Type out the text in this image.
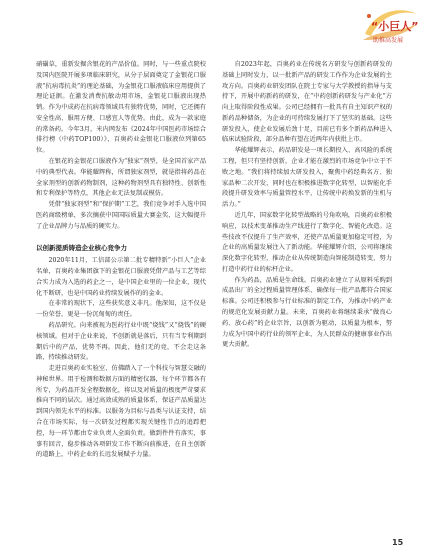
“小巨人”
助推高发展

硝磺草，重新发掘含银花的产品价值。同时，与一些重点院校及国内医院开展多项临床研究，从分子层面奠定了金银花口服液“抗病毒抗炎”的理论基础，为金银花口服液临床应用提供了理论证据。在激发消费抗敏动用市场，金银花口服液出现热销。作为中成药在抗病毒领域具有独特优势，同时，它还拥有安全性高、服用方便、口感宜人等优势。由此，成为一款家庭的常备药。今年3月，米内网发布《2024年中国医药市场综合排行榜（中药TOP100）》，百奥药业金银花口服液位列第65位。

在银花的金银花口服液作为“独家”剂型，是全国首家产品中的典型代表。华能耀辉称，所谓独家剂型，就是指将药品在全家剂型的创新药物制剂，这种药物剂型具有独特性、创新性和专利保护等特点，其他企业无法复制或模仿。

凭借“独家剂型”和“保护期”工艺，我们竞争对手入选中国医药商级榜单，多次摘获中国国际质量大赛金奖，这大幅提升了企业品牌力与品质的硬实力。

以创新提质铸造企业核心竞争力

2020年11月，工信部公示第二批专精特新“小巨人”企业名单，百奥药业集团旗下的金银花口服液凭借产品与工艺等综合实力成为入选的药企之一，是中国企业里的一位企业，现代化不断研，也是中国药业持续发展作的的金业。

在非常的现状下，这些获奖意义非凡。他深知，这不仅是一份荣誉，更是一份沉甸甸的责任。

药品研究。向来被视为医药行业中既“烧钱”又“烧钱”的硬核领域。但对于企业来说，不创新就是落后，只有当专利期到期后中的产品，优势不再。因此，他们无的竞，不会走这条路，持续推动研发。

走进百奥药业实验室，仿佛踏入了一个科技与智慧交融的神秘世界。用于检测和数据方面的精密仪器，每个环节都各有所专，为药品开发全程数据化，将以及对质量的极度严苛要求推向不同的层次。通过高效成熟的质量体系，保证产品质量达到国内领先水平的标准。以服务为目标与品类与认证支持，结合在市场实际，每一次研发过程都实现关键性节点的追踪把控，每一环节都由专业负责人全面负责。做到件件有落实，事事有回音，稳步推动各项研发工作不断向前推进，在自主创新的道路上，中药企业的长远发展赋予力量。

自2023年起，百奥药业在传统名方研发与创新药研发的基础上同时发力，以一批新产品的研发工作作为企业发展的主攻方向。百奥药业研发团队在院士专家与大学教授的指导与支持下，开展中药新药的研发，在“中药创新药研发与产业化”方向上取得阶段性成果。公司已经拥有一批具有自主知识产权的新药品种储备，为企业的可持续发展打下了坚实的基础。这些研发投入，使企业发展后劲十足，目前已有多个新药品种进入临床试验阶段，部分品种有望在近两年内获批上市。

华能耀辉表示，药品研发是一项长期投入、高风险的系统工程，但只有坚持创新，企业才能在激烈的市场竞争中立于不败之地。“我们将持续加大研发投入，聚焦中药经典名方、独家品种二次开发，同时也在积极推进数字化转型，以智能化手段提升研发效率与质量管控水平，让传统中药焕发新的生机与活力。”

近几年，国家数字化转型战略的号角吹响，百奥药业积极响应，以技术变革推动生产线进行了数字化、智能化改造。这些技改不仅提升了生产效率，还使产品质量更加稳定可控，为企业的高质量发展注入了新动能。华能耀辉介绍，公司将继续深化数字化转型，推动企业从传统制造向智能制造转变，努力打造中药行业的标杆企业。

作为药品，品质是生命线。百奥药业建立了从原料采购到成品出厂的全过程质量管理体系，确保每一批产品都符合国家标准。公司还积极参与行业标准的制定工作，为推动中药产业的规范化发展贡献力量。未来，百奥药业将继续秉承“做良心药、放心药”的企业宗旨，以创新为驱动，以质量为根本，努力成为中国中药行业的领军企业，为人民群众的健康事业作出更大贡献。

15
